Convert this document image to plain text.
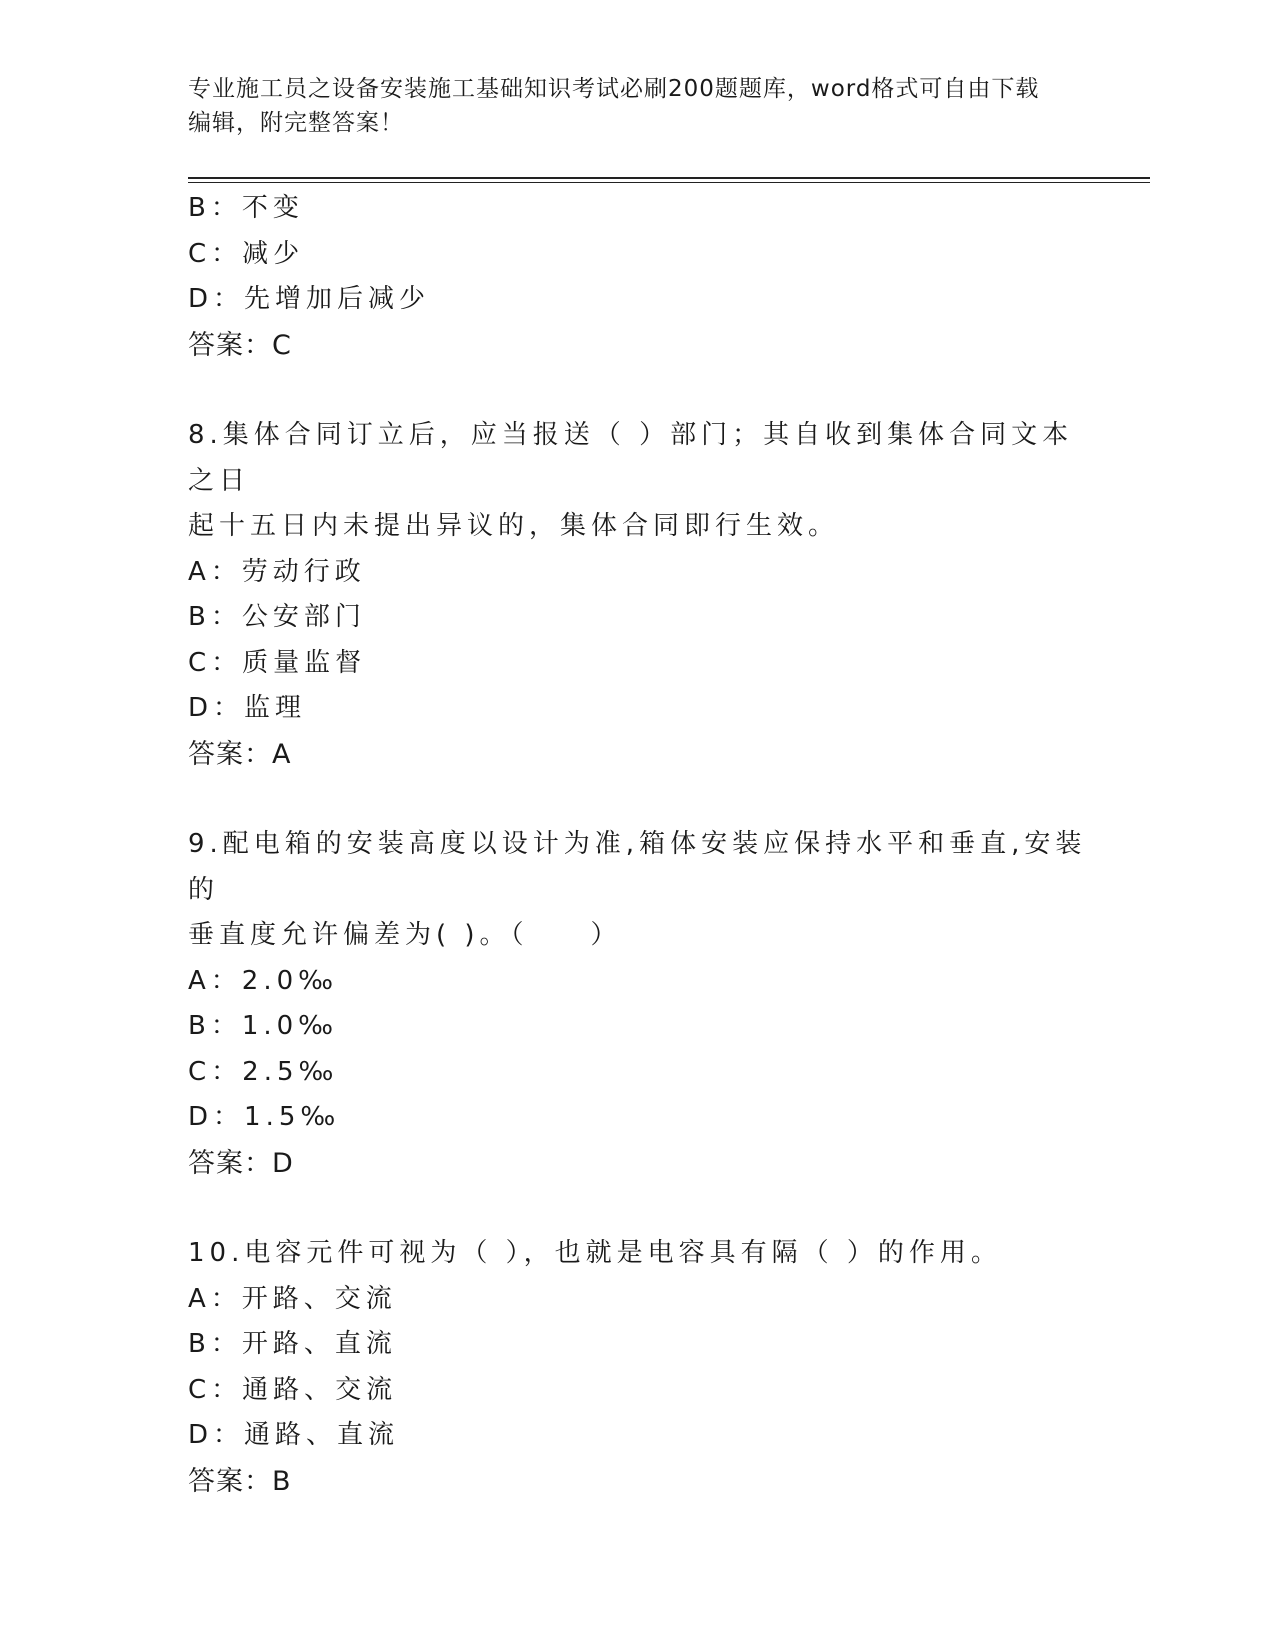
专业施工员之设备安装施工基础知识考试必刷200题题库，word格式可自由下载
编辑，附完整答案！
B：不变
C：减少
D：先增加后减少
答案：C
8.集体合同订立后，应当报送（ ）部门；其自收到集体合同文本之日
起十五日内未提出异议的，集体合同即行生效。
A：劳动行政
B：公安部门
C：质量监督
D：监理
答案：A
9.配电箱的安装高度以设计为准,箱体安装应保持水平和垂直,安装的
垂直度允许偏差为( )。（　　）
A：2.0‰
B：1.0‰
C：2.5‰
D：1.5‰
答案：D
10.电容元件可视为（ ），也就是电容具有隔（ ）的作用。
A：开路、交流
B：开路、直流
C：通路、交流
D：通路、直流
答案：B
